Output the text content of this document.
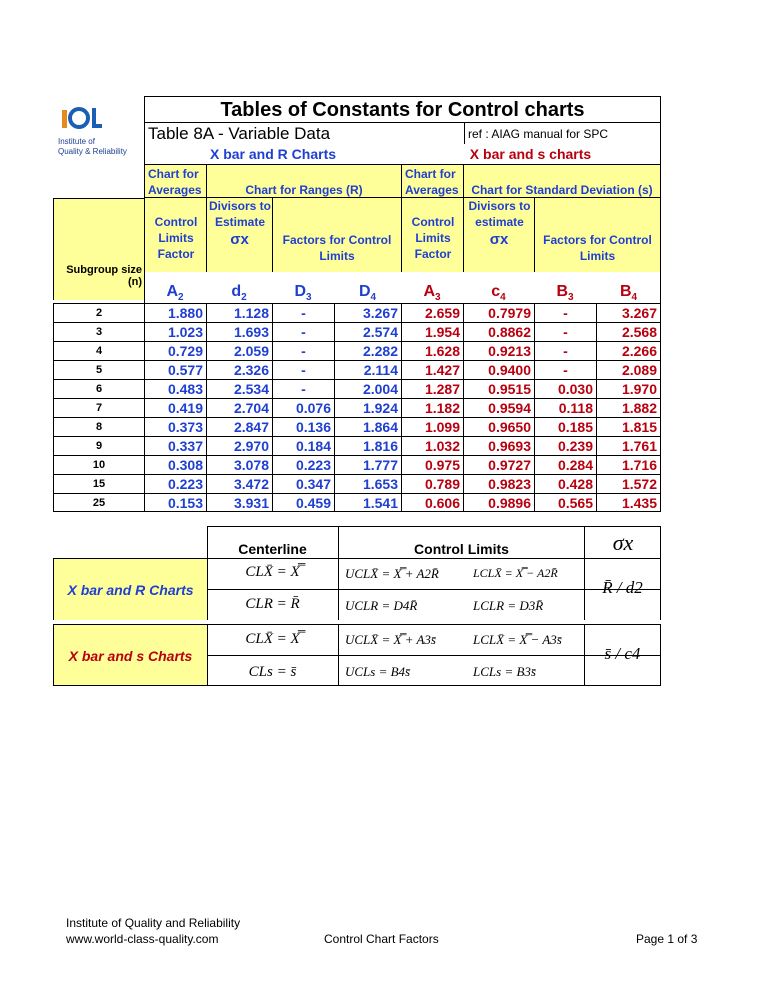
Institute of
Quality & Reliability
Tables of Constants for Control charts
Table 8A - Variable Data	ref : AIAG manual for SPC
X bar and R Charts	X bar and s charts
Chart for Averages	Chart for Ranges (R)
Chart for Averages	Chart for Standard Deviation (s)
Control Limits Factor
Divisors to Estimate
σx	Factors for Control Limits
Control Limits Factor
Divisors to estimate
σx	Factors for Control Limits
Subgroup size (n)
$A_2$	$d_2$	$D_3$	$D_4$	$A_3$	$c_4$	$B_3$	$B_4$
2	1.880	1.128	-	3.267	2.659	0.7979	-	3.267
3	1.023	1.693	-	2.574	1.954	0.8862	-	2.568
4	0.729	2.059	-	2.282	1.628	0.9213	-	2.266
5	0.577	2.326	-	2.114	1.427	0.9400	-	2.089
6	0.483	2.534	-	2.004	1.287	0.9515	0.030	1.970
7	0.419	2.704	0.076	1.924	1.182	0.9594	0.118	1.882
8	0.373	2.847	0.136	1.864	1.099	0.9650	0.185	1.815
9	0.337	2.970	0.184	1.816	1.032	0.9693	0.239	1.761
10	0.308	3.078	0.223	1.777	0.975	0.9727	0.284	1.716
15	0.223	3.472	0.347	1.653	0.789	0.9823	0.428	1.572
25	0.153	3.931	0.459	1.541	0.606	0.9896	0.565	1.435
Centerline	Control Limits	σx
X bar and R Charts
X bar and s Charts
CLX̄ = X̿	UCLX̄ = X̿ + A2R̄	LCLX̄ = X̿ − A2R̄
CLR = R̄	UCLR = D4R̄	LCLR = D3R̄
R̄ / d2
CLX̄ = X̿	UCLX̄ = X̿ + A3s̄	LCLX̄ = X̿ − A3s̄
CLs = s̄	UCLs = B4s̄	LCLs = B3s̄
s̄ / c4
Institute of Quality and Reliability
www.world-class-quality.com	Control Chart Factors	Page 1 of 3
